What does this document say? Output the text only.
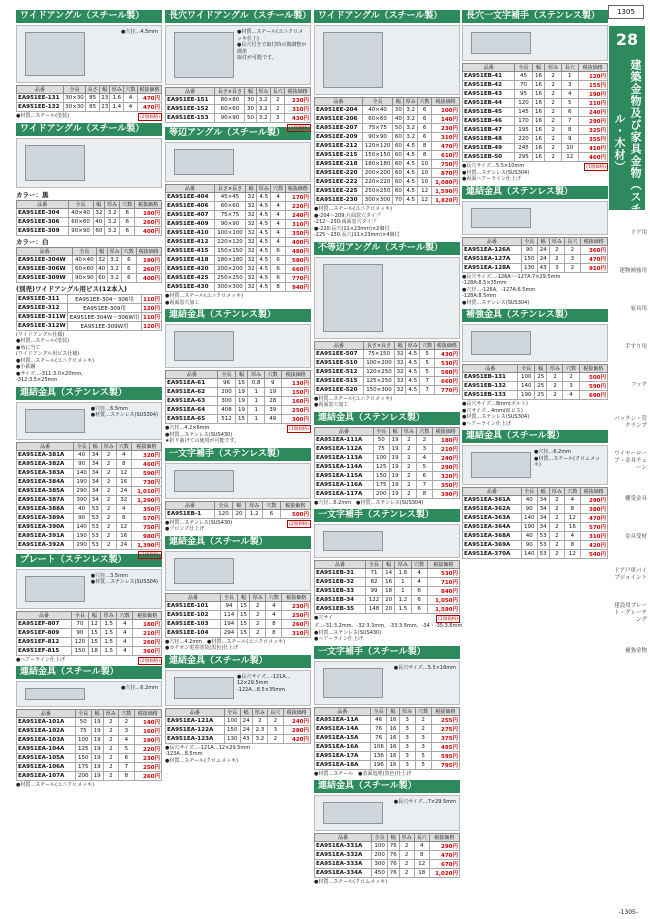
1305
28
建築金物及び家具金物（スチール・木材）
ドア用
建物補強用
家具用
手すり用
フック
パッチン・管クランプ
ワイヤーロープ・金具チェーン
棚受金具
金具受材
ドア戸車パイプジョイント
建設用プレート・グレーチング
補強金物
ワイドアングル（スチール製）
●穴径…4.5mm
品番	全長	長さ	幅	厚み	穴数	税抜価格
EA951EE-131	30×30	85	23	1.6	4	470円
EA951EE-132	30×30	85	23	1.4	4	470円
(2個価格)
●材質…スチール(塗装)
ワイドアングル（スチール製）
カラー：黒
品番	全長	幅	厚み	穴数	税抜価格
EA951EE-304	40×40	32	3.2	6	190円
EA951EE-306	60×60	40	3.2	6	260円
EA951EE-309	90×90	60	3.2	6	400円
カラー：白
品番	全長	幅	厚み	穴数	税抜価格
EA951EE-304W	40×40	32	3.2	6	190円
EA951EE-306W	60×60	40	3.2	6	260円
EA951EE-309W	90×90	60	3.2	6	400円
(別売)ワイドアングル用ビス(12本入)
EA951EE-311	EA951EE-304～306用	110円
EA951EE-312	EA951EE-309用	120円
EA951EE-311W	EA951EE-304W～306W用	110円
EA951EE-312W	EA951EE-309W用	120円
(ワイドアングル仕様)
●材質…スチール(塗装)
●角に当て
(ワイドアングル用ビス仕様)
●材質…スチール(ユニクロメッキ)
●小鉄鋼
●サイズ…-311:3.0×20mm、
-312:3.5×25mm
連結金具（ステンレス製）
●穴径…6.5mm
●材質…ステンレス(SUS304)
品番	全長	幅	厚み	穴数	税抜価格
EA951EA-381A	40	34	2	4	320円
EA951EA-382A	90	34	2	8	460円
EA951EA-383A	140	34	2	12	590円
EA951EA-384A	190	34	2	16	730円
EA951EA-385A	290	34	2	24	1,010円
EA951EA-387A	390	34	2	32	1,290円
EA951EA-388A	40	53	2	4	350円
EA951EA-389A	90	53	2	8	570円
EA951EA-390A	140	53	2	12	750円
EA951EA-391A	190	53	2	16	980円
EA951EA-392A	290	53	2	24	1,390円
(1個価格)
プレート（ステンレス製）
●穴径…3.5mm
●材質…ステンレス(SUS304)
品番	全長	幅	厚み	穴数	税抜価格
EA951EF-807	70	12	1.5	4	180円
EA951EF-809	90	15	1.5	4	210円
EA951EF-812	120	15	1.5	4	260円
EA951EF-815	150	18	1.5	4	360円
(2個価格)
●ヘアーライン仕上げ
連結金具（スチール製）
●穴径…6.2mm
品番	全長	幅	厚み	穴数	税抜価格
EA951EA-101A	50	19	2	2	140円
EA951EA-102A	75	19	2	3	160円
EA951EA-103A	100	19	2	4	190円
EA951EA-104A	125	19	2	5	220円
EA951EA-105A	150	19	2	6	230円
EA951EA-106A	175	19	2	7	250円
EA951EA-107A	200	19	2	8	260円
●材質…スチール(ユニクロメッキ)
長穴ワイドアングル（スチール製）
●材質…スチール(ユニクロメッキ仕上)
●長穴付きで取付時の微調整が簡単
取付が可能です。
品番	長さ×長さ	幅	厚み	長穴	税抜価格
EA951EE-151	80×80	30	3.2	2	230円
EA951EE-152	60×60	30	3.2	2	310円
EA951EE-153	90×90	50	3.2	3	430円
(1個価格)
等辺アングル（スチール製）
品番	長さ×長さ	幅	厚み	穴数	税抜価格
EA951EE-404	45×45	32	4.5	4	170円
EA951EE-406	60×60	32	4.5	4	220円
EA951EE-407	75×75	32	4.5	4	240円
EA951EE-409	90×90	32	4.5	4	310円
EA951EE-410	100×100	32	4.5	4	350円
EA951EE-412	120×120	32	4.5	4	400円
EA951EE-415	150×150	32	4.5	6	480円
EA951EE-418	180×180	32	4.5	6	580円
EA951EE-420	200×200	32	4.5	6	660円
EA951EE-425	250×250	32	4.5	6	770円
EA951EE-430	300×300	32	4.5	8	940円
●材質…スチール(ユニクロメッキ)
●両面窓穴加工
連結金具（ステンレス製）
品番	全長	幅	厚み	穴数	税抜価格
EA951EA-61	96	15	0.8	9	130円
EA951EA-62	200	19	1	19	150円
EA951EA-63	300	19	1	28	160円
EA951EA-64	408	19	1	39	250円
EA951EA-65	512	15	1	49	300円
(1個価格)
●穴径…4.2×6mm
●材質…ステンレス(SUS430)
★折り曲げての使用が可能です。
一文字補手（ステンレス製）
品番	全長	幅	厚み	穴数	税抜価格
EA951EB-1	120	20	1.2	6	500円
(2個価格)
●材質…ステンレス(SUS430)
●ブロンズ仕上げ
連結金具（スチール製）
品番	全長	幅	厚み	穴数	税抜価格
EA951EE-101	94	15	2	4	230円
EA951EE-102	114	15	2	4	250円
EA951EE-103	194	15	2	8	260円
EA951EE-104	294	15	2	8	310円
●穴径…4.2mm　●材質…スチール(ユニクロメッキ)
●カチオン電着塗装(黒色)仕上げ
連結金具（スチール製）
●長穴サイズ…-121A…12×29.5mm
-122A…8.5×35mm
品番	全長	幅	厚み	長穴	税抜価格
EA951EA-121A	100	24	2	2	240円
EA951EA-122A	150	24	2.3	3	280円
EA951EA-123A	130	43	3.2	2	420円
●長穴サイズ…-121A…12×29.5mm
-123A…8.5mm
●材質…スチール(クロムメッキ)
ワイドアングル（スチール製）
品番	全長	幅	厚み	穴数	税抜価格
EA951EE-204	40×40	30	3.2	6	100円
EA951EE-206	60×60	40	3.2	6	140円
EA951EE-207	75×75	50	3.2	6	230円
EA951EE-209	90×90	60	3.2	6	310円
EA951EE-212	120×120	60	4.5	8	470円
EA951EE-215	150×150	60	4.5	8	610円
EA951EE-218	180×180	60	4.5	10	750円
EA951EE-220	200×200	60	4.5	10	870円
EA951EE-222	220×220	60	4.5	10	1,080円
EA951EE-225	250×250	60	4.5	12	1,590円
EA951EE-230	300×300	70	4.5	12	1,820円
●材質…スチール(ユニクロメッキ)
●-204～209:片面窓穴タイプ
-212～230:両面窓穴タイプ
●-220:長穴(11×23mm)×2個付
-225～230:長穴(11×23mm)×4個付
不等辺アングル（スチール製）
品番	長さ×長さ	幅	厚み	穴数	税抜価格
EA951EE-507	75×150	32	4.5	5	430円
EA951EE-510	100×200	32	4.5	5	530円
EA951EE-512	120×250	32	4.5	5	580円
EA951EE-515	125×250	32	4.5	7	660円
EA951EE-520	150×300	32	4.5	7	770円
●材質…スチール(ユニクロメッキ)
●両面窓穴加工
連結金具（ステンレス製）
品番	全長	幅	厚み	穴数	税抜価格
EA951EA-111A	50	19	2	2	180円
EA951EA-112A	75	19	2	3	210円
EA951EA-113A	100	19	2	4	240円
EA951EA-114A	125	19	2	5	290円
EA951EA-115A	150	19	2	6	320円
EA951EA-116A	175	19	2	7	350円
EA951EA-117A	200	19	2	8	390円
●穴径…6.2mm　●材質…ステンレス(SUS304)
一文字補手（ステンレス製）
品番	全長	幅	厚み	穴数	税抜価格
EA951EB-31	71	14	1.6	4	530円
EA951EB-32	82	16	1	4	710円
EA951EB-33	99	18	1	6	840円
EA951EB-34	122	20	1.2	6	1,050円
EA951EB-35	148	20	1.5	6	1,590円
(1個価格)
●穴サイズ…-31:3.2mm、-32:3.3mm、-33:3.5mm、-34・-35:3.6mm
●材質…ステンレス(SUS430)
●ヘアーライン仕上げ
一文字補手（スチール製）
●長穴サイズ…5.5×16mm
品番	全長	幅	厚み	穴数	税抜価格
EA951EA-11A	46	16	3	2	255円
EA951EA-14A	76	16	3	2	275円
EA951EA-15A	76	16	3	3	375円
EA951EA-16A	106	16	3	3	495円
EA951EA-17A	136	16	3	5	595円
EA951EA-18A	196	16	3	5	795円
●材質…スチール　●表面処理(黒色)仕上げ
連結金具（スチール製）
●長穴サイズ…7×29.5mm
品番	全長	幅	厚み	長穴	税抜価格
EA951EA-331A	100	76	2	4	290円
EA951EA-332A	200	76	2	8	470円
EA951EA-333A	300	76	2	12	670円
EA951EA-334A	450	76	2	18	1,020円
●材質…スチール(クロムメッキ)
長穴一文字補手（ステンレス製）
品番	全長	幅	厚み	長穴	税抜価格
EA951EB-41	45	16	2	1	120円
EA951EB-42	70	16	2	3	155円
EA951EB-43	95	16	2	4	190円
EA951EB-44	120	16	2	5	210円
EA951EB-45	145	16	2	6	240円
EA951EB-46	170	16	2	7	290円
EA951EB-47	195	16	2	8	325円
EA951EB-48	220	16	2	9	355円
EA951EB-49	245	16	2	10	410円
EA951EB-50	295	16	2	12	460円
(1個価格)
●長穴サイズ…5.5×10mm
●材質…ステンレス(SUS304)
●両面ヘアーライン仕上げ
連結金具（ステンレス製）
品番	全長	幅	厚み	長穴	税抜価格
EA951EA-126A	90	24	2	2	360円
EA951EA-127A	150	24	2	3	470円
EA951EA-128A	130	43	3	2	910円
●長穴サイズ…-126A～-127A:7×29.5mm
-128A:8.5×35mm
●穴径…-126A、-127A:6.5mm
-128A:8.5mm
●材質…ステンレス(SUS304)
補強金具（ステンレス製）
品番	全長	幅	厚み	穴数	税抜価格
EA951EB-131	100	25	2	2	500円
EA951EB-132	140	25	2	3	590円
EA951EB-133	190	25	2	4	690円
●長穴サイズ…8mm(ボルト)
●穴サイズ…4mm(皿ビス)
●材質…ステンレス(SUS304)
●ヘアーライン仕上げ
連結金具（スチール製）
●穴径…6.2mm
●材質…スチール(クロムメッキ)
品番	全長	幅	厚み	穴数	税抜価格
EA951EA-361A	40	34	2	4	290円
EA951EA-362A	90	34	2	8	380円
EA951EA-363A	140	34	2	12	470円
EA951EA-364A	190	34	2	16	570円
EA951EA-368A	40	53	2	4	310円
EA951EA-369A	90	53	2	8	420円
EA951EA-370A	140	53	2	12	540円
-1305-
